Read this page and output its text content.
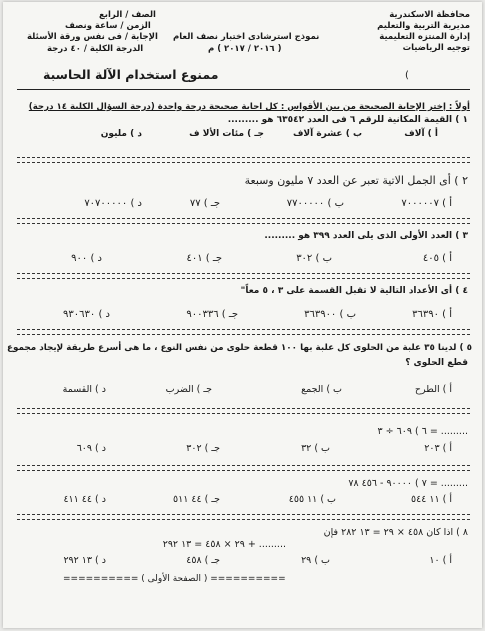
محافظة الاسكندرية
مديرية التربية والتعليم
إدارة المنتزه التعليمية
توجيه الرياضيات
نموذج استرشادى اختبار نصف العام
( ٢٠١٦ / ٢٠١٧ ) م
الصف / الرابع
الزمن / ساعة ونصف
الإجابة / فى نفس ورقة الأسئلة
الدرجة الكلية / ٤٠ درجة
ممنوع استخدام الآلة الحاسبة	(
أولاً : إختر الإجابة الصحيحة من بين الأقواس : كل اجابة صحيحة درجة واحدة (درجة السؤال الكلية ١٤ درجة)
١ ) القيمة المكانية للرقم ٦ فى العدد ٦٣٥٤٢ هو .........
أ ) آلاف
ب ) عشرة آلاف
جـ ) مئات الألا ف
د ) مليون
٢ ) أى الجمل الاتية تعبر عن العدد ٧ مليون وسبعة
أ ) ٧٠٠٠٠٠٧
ب ) ٧٧٠٠٠٠٠
جـ ) ٧٧
د ) ٧٠٧٠٠٠٠٠
٣ ) العدد الأولى الذى يلى العدد ٣٩٩ هو .........
أ ) ٤٠٥
ب ) ٣٠٢
جـ ) ٤٠١
د ) ٩٠٠
٤ ) أى الأعداد التالية لا تقبل القسمة على ٣ ، ٥ معاً"
أ ) ٣٦٣٩٠
ب ) ٣٦٣٩٠٠
جـ ) ٩٠٠٣٣٦
د ) ٩٣٠٦٣٠
٥ ) لدينا ٣٥ علبة من الحلوى كل علبة بها ١٠٠ قطعة حلوى من نفس النوع ، ما هى أسرع طريقة لإيجاد مجموع
قطع الحلوى ؟
أ ) الطرح
ب ) الجمع
جـ ) الضرب
د ) القسمة
٦ ) ٦٠٩ ÷ ٣ = .........
أ ) ٢٠٣
ب ) ٣٢
جـ ) ٣٠٢
د ) ٦٠٩
٧ ) ٩٠٠٠٠ - ٤٥٦ ٧٨ = .........
أ ) ١١ ٥٤٤
ب ) ١١ ٤٥٥
جـ ) ٤٤ ٥١١
د ) ٤٤ ٤١١
٨ ) اذا كان ٤٥٨ × ٢٩ = ١٣ ٢٨٢ فإن
٢٩ × ٤٥٨ = ١٣ ٢٩٢ + .........
أ ) ١٠
ب ) ٢٩
جـ ) ٤٥٨
د ) ١٣ ٢٩٢
========== ( الصفحة الأولى ) ==========
